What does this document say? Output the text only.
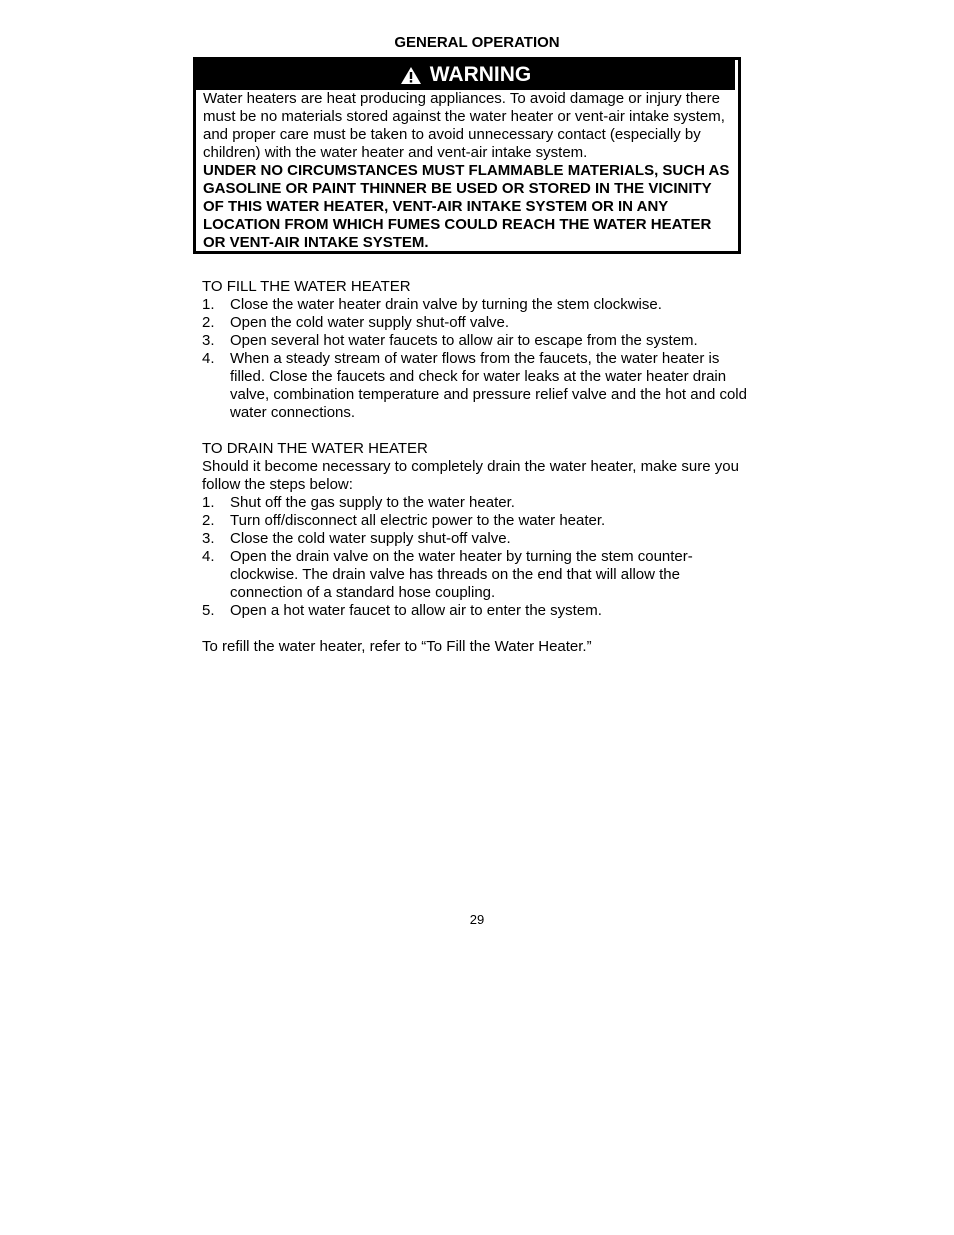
GENERAL OPERATION
WARNING
Water heaters are heat producing appliances. To avoid damage or injury there must be no materials stored against the water heater or vent-air intake system, and proper care must be taken to avoid unnecessary contact (especially by children) with the water heater and vent-air intake system.
UNDER NO CIRCUMSTANCES MUST FLAMMABLE MATERIALS, SUCH AS GASOLINE OR PAINT THINNER BE USED OR STORED IN THE VICINITY OF THIS WATER HEATER, VENT-AIR INTAKE SYSTEM OR IN ANY LOCATION FROM WHICH FUMES COULD REACH THE WATER HEATER OR VENT-AIR INTAKE SYSTEM.

TO FILL THE WATER HEATER

1.	Close the water heater drain valve by turning the stem clockwise.
2.	Open the cold water supply shut-off valve.
3.	Open several hot water faucets to allow air to escape from the system.
4.	When a steady stream of water flows from the faucets, the water heater is filled. Close the faucets and check for water leaks at the water heater drain valve, combination temperature and pressure relief valve and the hot and cold water connections.

TO DRAIN THE WATER HEATER

Should it become necessary to completely drain the water heater, make sure you follow the steps below:

1.	Shut off the gas supply to the water heater.
2.	Turn off/disconnect all electric power to the water heater.
3.	Close the cold water supply shut-off valve.
4.	Open the drain valve on the water heater by turning the stem counter-clockwise. The drain valve has threads on the end that will allow the connection of a standard hose coupling.
5.	Open a hot water faucet to allow air to enter the system.

To refill the water heater, refer to “To Fill the Water Heater.”

29
